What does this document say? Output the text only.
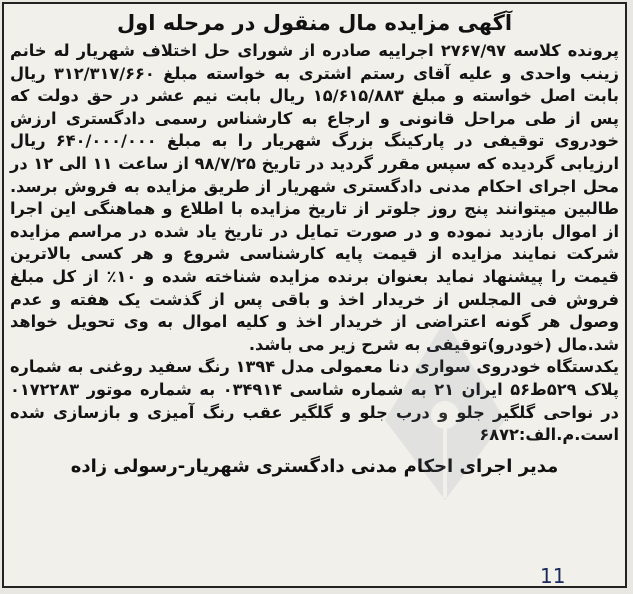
آگهی مزایده مال منقول در مرحله اول

پرونده کلاسه ۲۷۶۷/۹۷ اجراییه صادره از شورای حل اختلاف شهریار له خانم زینب واحدی و علیه آقای رستم اشتری به خواسته مبلغ ۳۱۲/۳۱۷/۶۶۰ ریال بابت اصل خواسته و مبلغ ۱۵/۶۱۵/۸۸۳ ریال بابت نیم عشر در حق دولت که پس از طی مراحل قانونی و ارجاع به کارشناس رسمی دادگستری ارزش خودروی توقیفی در پارکینگ بزرگ شهریار را به مبلغ ۶۴۰/۰۰۰/۰۰۰ ریال ارزیابی گردیده که سپس مقرر گردید در تاریخ ۹۸/۷/۲۵ از ساعت ۱۱ الی ۱۲ در محل اجرای احکام مدنی دادگستری شهریار از طریق مزایده به فروش برسد. طالبین میتوانند پنج روز جلوتر از تاریخ مزایده با اطلاع و هماهنگی این اجرا از اموال بازدید نموده و در صورت تمایل در تاریخ یاد شده در مراسم مزایده شرکت نمایند مزایده از قیمت پایه کارشناسی شروع و هر کسی بالاترین قیمت را پیشنهاد نماید بعنوان برنده مزایده شناخته شده و ۱۰٪ از کل مبلغ فروش فی المجلس از خریدار اخذ و باقی پس از گذشت یک هفته و عدم وصول هر گونه اعتراضی از خریدار اخذ و کلیه اموال به وی تحویل خواهد شد.مال (خودرو)توقیفی به شرح زیر می باشد.

یکدستگاه خودروی سواری دنا معمولی مدل ۱۳۹۴ رنگ سفید روغنی به شماره پلاک ۵۲۹ط۵۶ ایران ۲۱ به شماره شاسی ۰۳۴۹۱۴ به شماره موتور ۰۱۷۲۲۸۳ در نواحی گلگیر جلو و درب جلو و گلگیر عقب رنگ آمیزی و بازسازی شده است.م.الف:۶۸۷۲

مدیر اجرای احکام مدنی دادگستری شهریار-رسولی زاده
11
